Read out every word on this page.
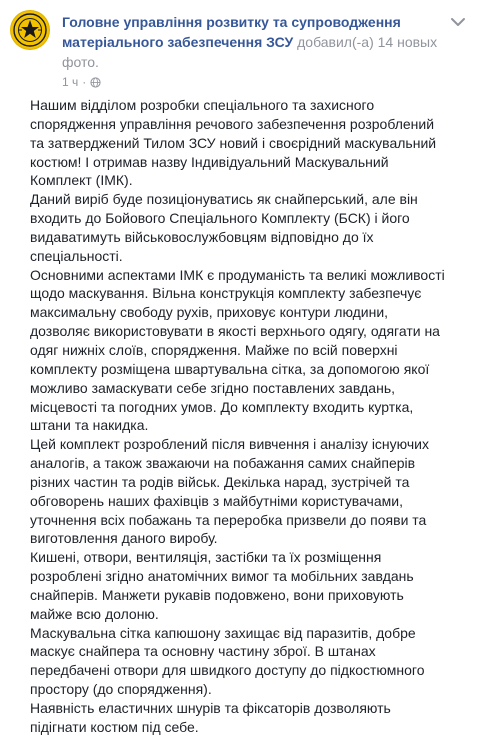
Головне управління розвитку та супроводження матеріального забезпечення ЗСУ добавил(-а) 14 новых фото.
1 ч ·

Нашим відділом розробки спеціального та захисного спорядження управління речового забезпечення розроблений та затверджений Тилом ЗСУ новий і своєрідний маскувальний костюм! І отримав назву Індивідуальний Маскувальний Комплект (ІМК).

Даний виріб буде позиціонуватись як снайперський, але він входить до Бойового Спеціального Комплекту (БСК) і його видаватимуть військовослужбовцям відповідно до їх спеціальності.

Основними аспектами ІМК є продуманість та великі можливості щодо маскування. Вільна конструкція комплекту забезпечує максимальну свободу рухів, приховує контури людини, дозволяє використовувати в якості верхнього одягу, одягати на одяг нижніх слоїв, спорядження. Майже по всій поверхні комплекту розміщена швартувальна сітка, за допомогою якої можливо замаскувати себе згідно поставлених завдань, місцевості та погодних умов. До комплекту входить куртка, штани та накидка.

Цей комплект розроблений після вивчення і аналізу існуючих аналогів, а також зважаючи на побажання самих снайперів різних частин та родів військ. Декілька нарад, зустрічей та обговорень наших фахівців з майбутніми користувачами, уточнення всіх побажань та переробка призвели до появи та виготовлення даного виробу.

Кишені, отвори, вентиляція, застібки та їх розміщення розроблені згідно анатомічних вимог та мобільних завдань снайперів. Манжети рукавів подовжено, вони приховують майже всю долоню.

Маскувальна сітка капюшону захищає від паразитів, добре маскує снайпера та основну частину зброї. В штанах передбачені отвори для швидкого доступу до підкостюмного простору (до спорядження).

Наявність еластичних шнурів та фіксаторів дозволяють підігнати костюм під себе.
